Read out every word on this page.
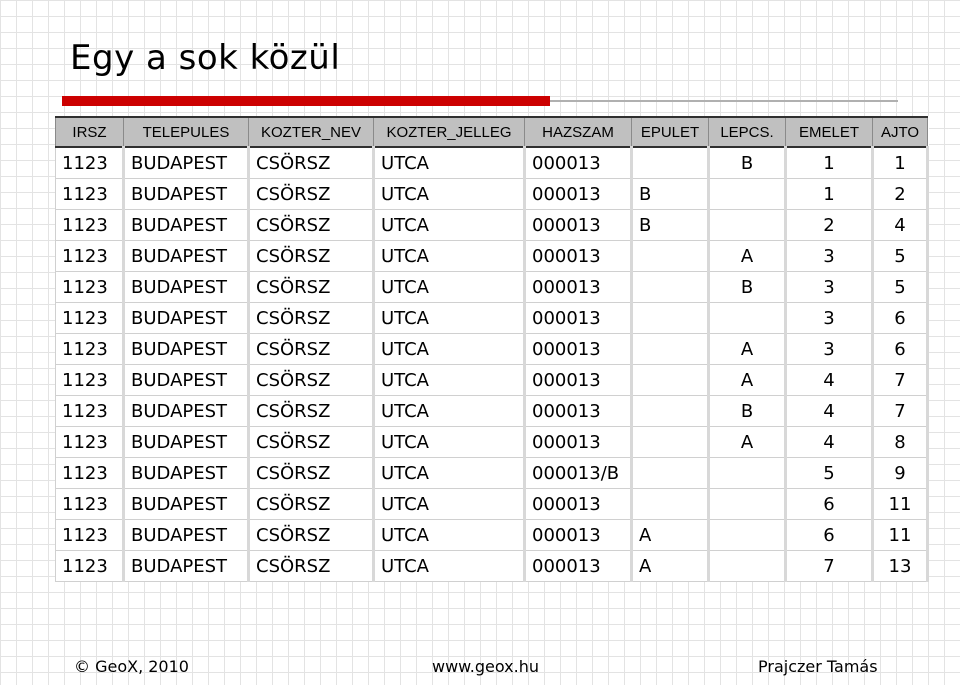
Egy a sok közül
IRSZ	TELEPULES	KOZTER_NEV	KOZTER_JELLEG	HAZSZAM	EPULET	LEPCS.	EMELET	AJTO
1123	BUDAPEST	CSÖRSZ	UTCA	000013		B	1	1
1123	BUDAPEST	CSÖRSZ	UTCA	000013	B		1	2
1123	BUDAPEST	CSÖRSZ	UTCA	000013	B		2	4
1123	BUDAPEST	CSÖRSZ	UTCA	000013		A	3	5
1123	BUDAPEST	CSÖRSZ	UTCA	000013		B	3	5
1123	BUDAPEST	CSÖRSZ	UTCA	000013			3	6
1123	BUDAPEST	CSÖRSZ	UTCA	000013		A	3	6
1123	BUDAPEST	CSÖRSZ	UTCA	000013		A	4	7
1123	BUDAPEST	CSÖRSZ	UTCA	000013		B	4	7
1123	BUDAPEST	CSÖRSZ	UTCA	000013		A	4	8
1123	BUDAPEST	CSÖRSZ	UTCA	000013/B			5	9
1123	BUDAPEST	CSÖRSZ	UTCA	000013			6	11
1123	BUDAPEST	CSÖRSZ	UTCA	000013	A		6	11
1123	BUDAPEST	CSÖRSZ	UTCA	000013	A		7	13
© GeoX, 2010	www.geox.hu	Prajczer Tamás
